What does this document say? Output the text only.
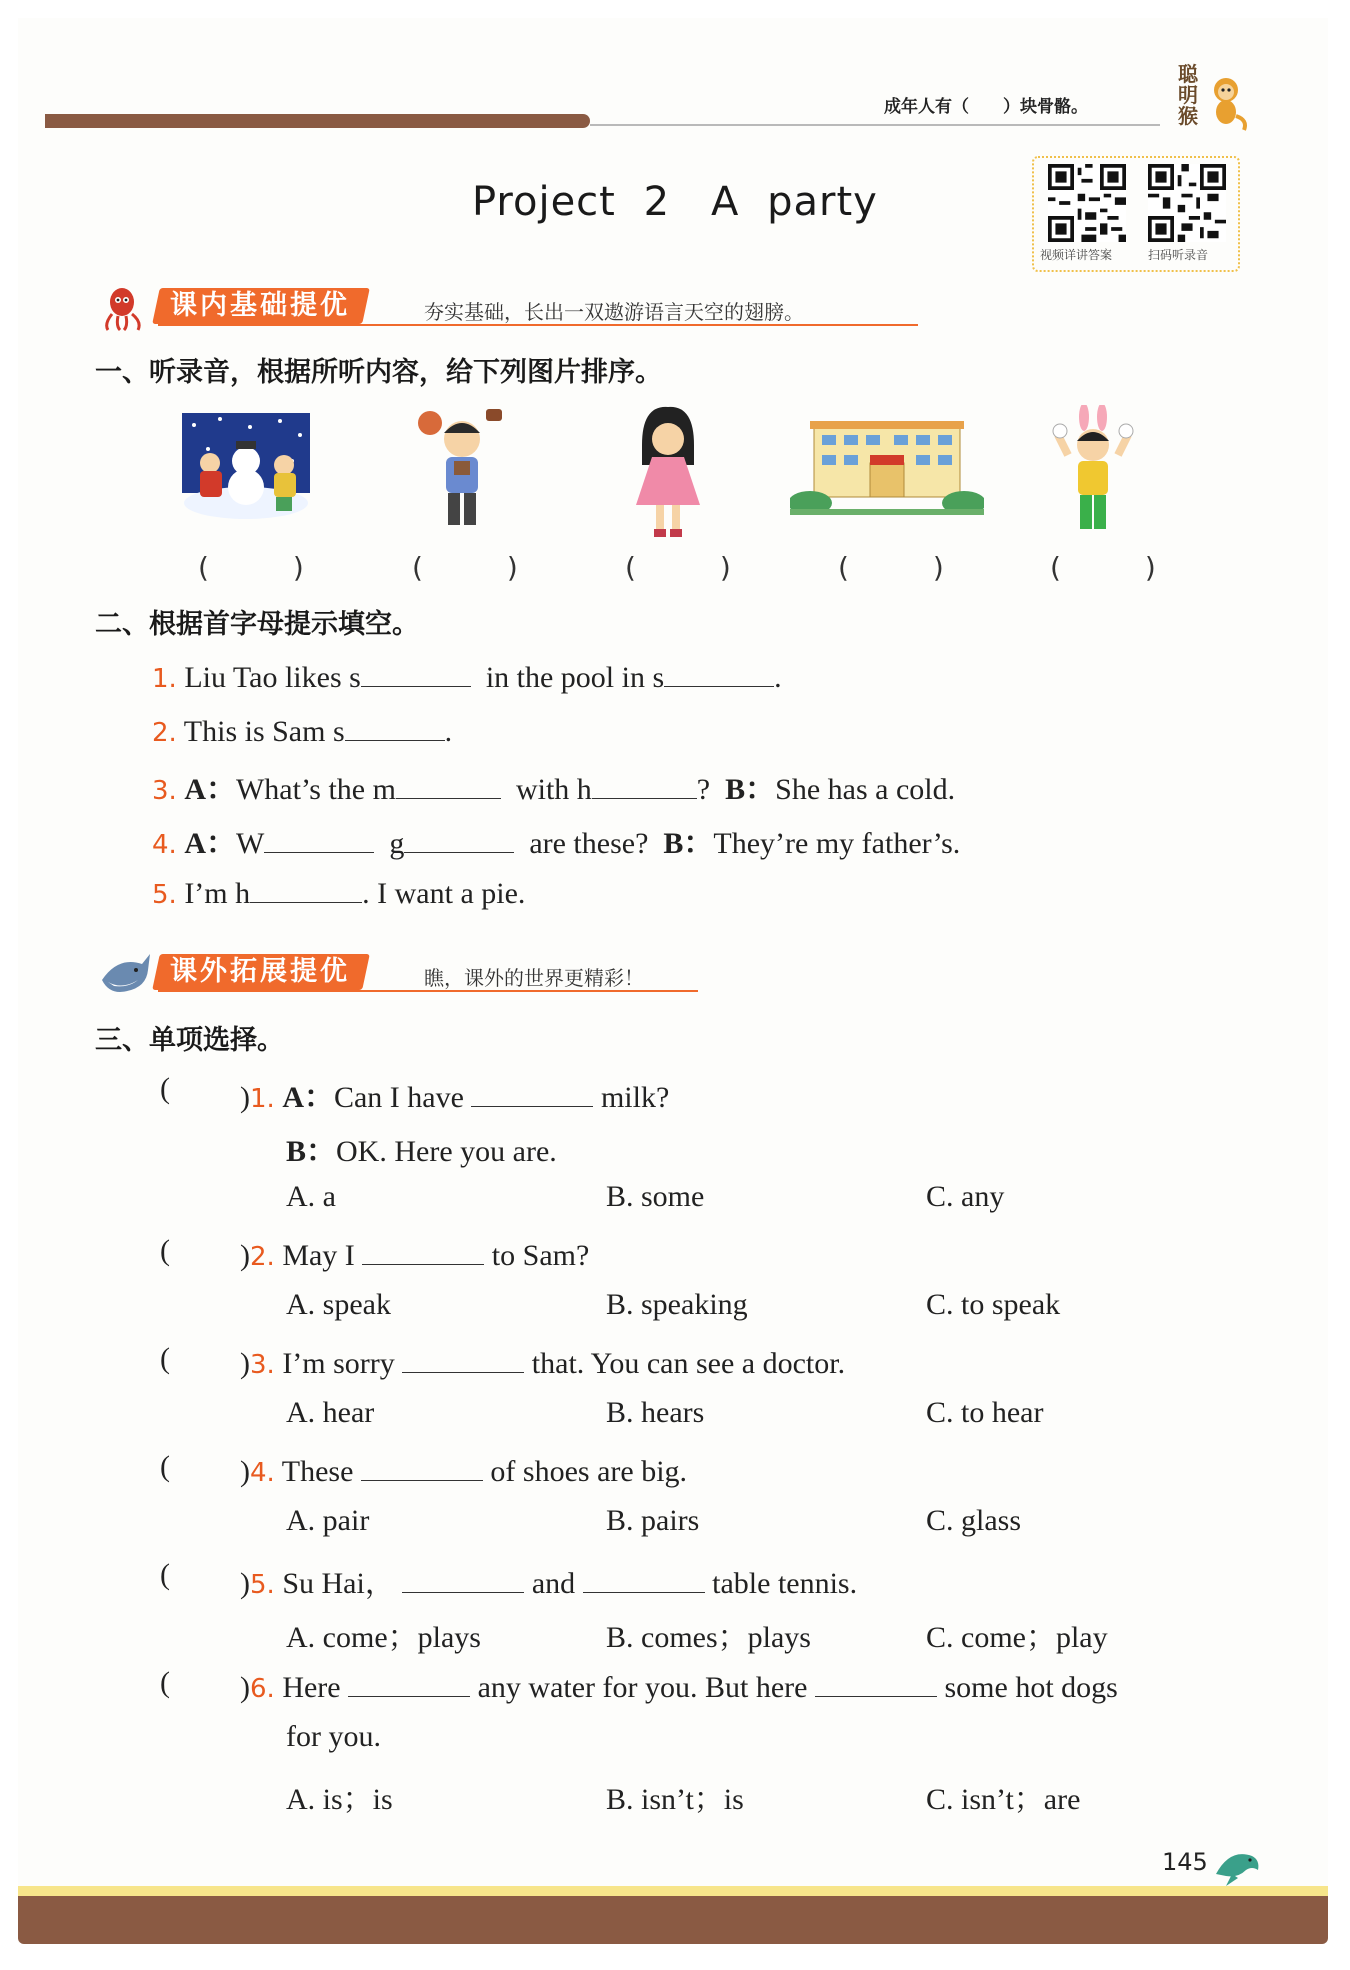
成年人有（　　）块骨骼。
聪
明
猴
Project 2　A party
视频详讲答案	扫码听录音
课内基础提优	夯实基础，长出一双遨游语言天空的翅膀。
一、听录音，根据所听内容，给下列图片排序。
(　　　)	(　　　)	(　　　)	(　　　)	(　　　)
二、根据首字母提示填空。
1. Liu Tao likes s	in the pool in s	.
2. This is Sam s	.
3. A：What’s the m	with h	? B：She has a cold.
4. A：W	g	are these? B：They’re my father’s.
5. I’m h	. I want a pie.
课外拓展提优	瞧，课外的世界更精彩！
三、单项选择。
( )1. A：Can I have	milk?
B：OK. Here you are.
A. a	B. some	C. any
( )2. May I	to Sam?
A. speak	B. speaking	C. to speak
( )3. I’m sorry	that. You can see a doctor.
A. hear	B. hears	C. to hear
( )4. These	of shoes are big.
A. pair	B. pairs	C. glass
( )5. Su Hai，	and	table tennis.
A. come；plays	B. comes；plays	C. come；play
( )6. Here	any water for you. But here	some hot dogs
for you.
A. is；is	B. isn’t；is	C. isn’t；are
145
